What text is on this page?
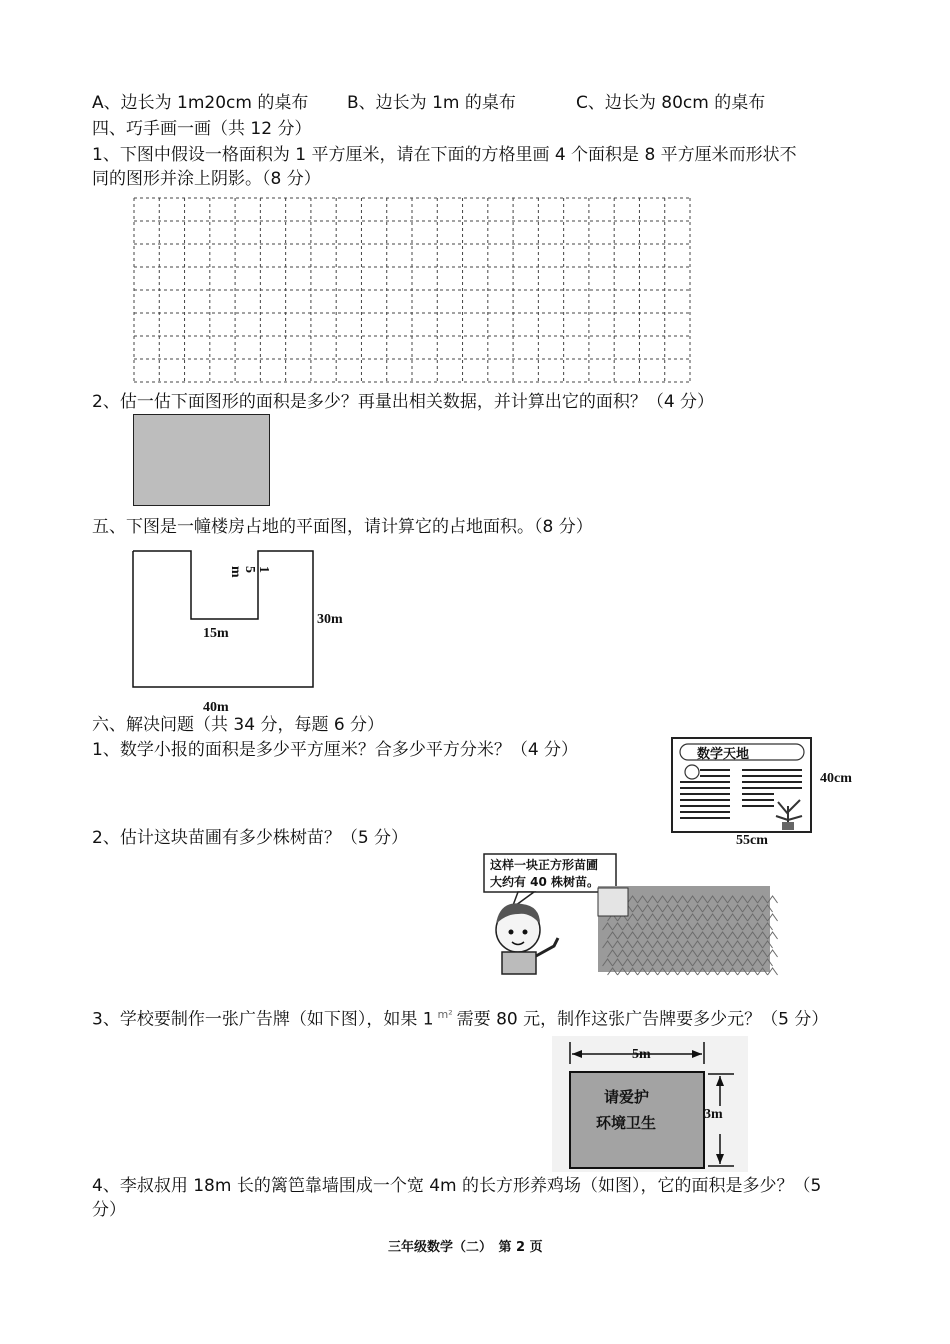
A、边长为 1m20cm 的桌布 B、边长为 1m 的桌布	C、边长为 80cm 的桌布
四、巧手画一画（共 12 分）
1、下图中假设一格面积为 1 平方厘米，请在下面的方格里画 4 个面积是 8 平方厘米而形状不
同的图形并涂上阴影。（8 分）
2、估一估下面图形的面积是多少？再量出相关数据，并计算出它的面积？（4 分）
五、下图是一幢楼房占地的平面图，请计算它的占地面积。（8 分）
15m
15m
30m
40m
六、解决问题（共 34 分，每题 6 分）
1、数学小报的面积是多少平方厘米？合多少平方分米？（4 分）	数学天地
40cm
55cm
2、估计这块苗圃有多少株树苗？（5 分）
这样一块正方形苗圃
大约有 40 株树苗。
3、学校要制作一张广告牌（如下图），如果 1 $^{m^2}$ 需要 80 元，制作这张广告牌要多少元？（5 分）
5m
3m
请爱护
环境卫生
4、李叔叔用 18m 长的篱笆靠墙围成一个宽 4m 的长方形养鸡场（如图），它的面积是多少？（5
分）
三年级数学（二）　第 2 页
